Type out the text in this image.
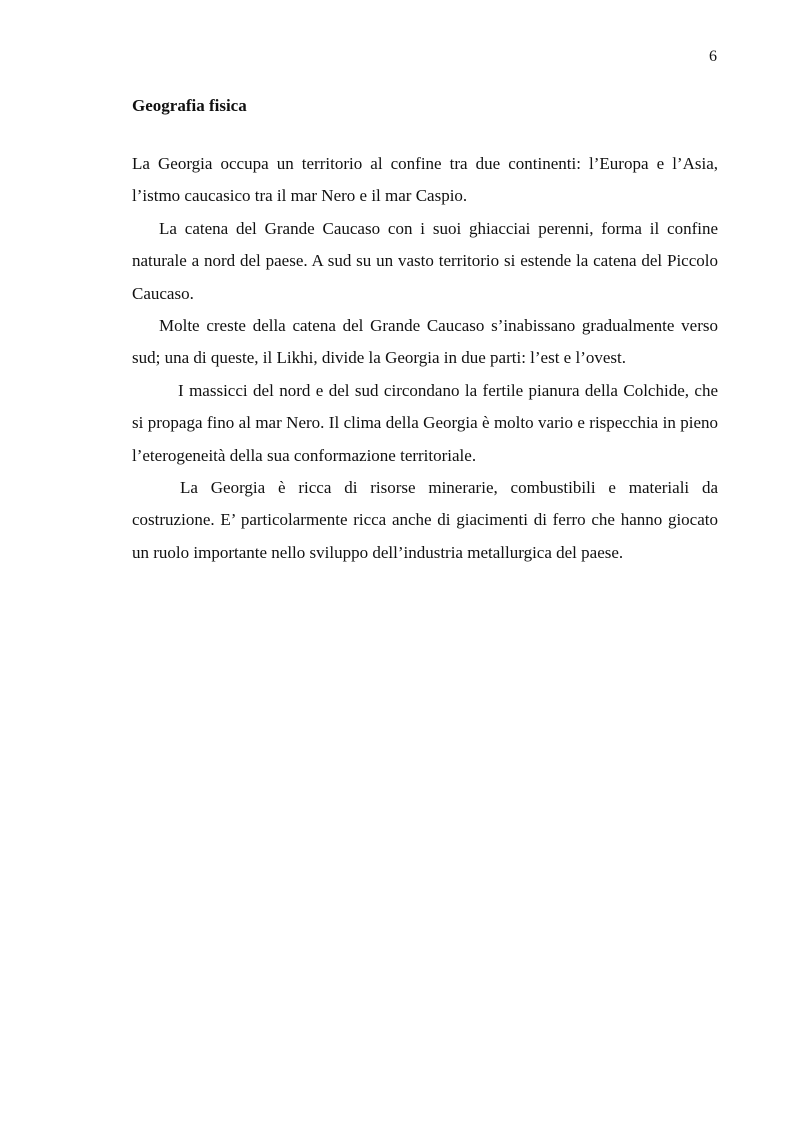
6
Geografia fisica

La Georgia occupa un territorio al confine tra due continenti: l’Europa e l’Asia, l’istmo caucasico tra il mar Nero e il mar Caspio.

La catena del Grande Caucaso con i suoi ghiacciai perenni, forma il confine naturale a nord del paese. A sud su un vasto territorio si estende la catena del Piccolo Caucaso.

Molte creste della catena del Grande Caucaso s’inabissano gradualmente verso sud; una di queste, il Likhi, divide la Georgia in due parti: l’est e l’ovest.

I massicci del nord e del sud circondano la fertile pianura della Colchide, che si propaga fino al mar Nero. Il clima della Georgia è molto vario e rispecchia in pieno l’eterogeneità della sua conformazione territoriale.

La Georgia è ricca di risorse minerarie, combustibili e materiali da costruzione. E’ particolarmente ricca anche di giacimenti di ferro che hanno giocato un ruolo importante nello sviluppo dell’industria metallurgica del paese.
